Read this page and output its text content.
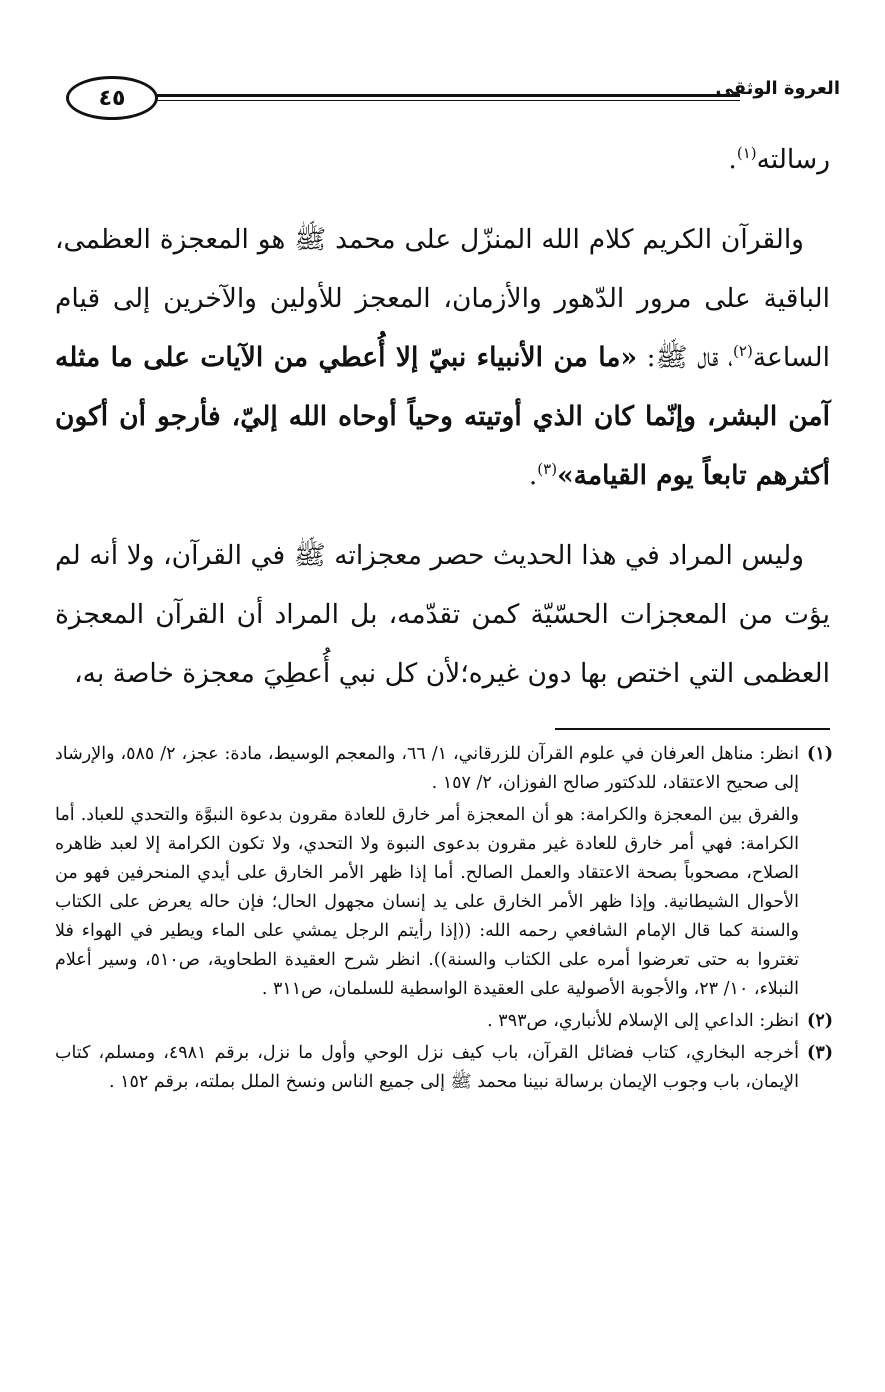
العروة الوثقى
٤٥

رسالته$^{(١)}$.

والقرآن الكريم كلام الله المنزّل على محمد ﷺ هو المعجزة العظمى، الباقية على مرور الدّهور والأزمان، المعجز للأولين والآخرين إلى قيام الساعة$^{(٢)}$، قال ﷺ: «ما من الأنبياء نبيّ إلا أُعطي من الآيات على ما مثله آمن البشر، وإنّما كان الذي أوتيته وحياً أوحاه الله إليّ، فأرجو أن أكون أكثرهم تابعاً يوم القيامة»$^{(٣)}$.

وليس المراد في هذا الحديث حصر معجزاته ﷺ في القرآن، ولا أنه لم يؤت من المعجزات الحسّيّة كمن تقدّمه، بل المراد أن القرآن المعجزة العظمى التي اختص بها دون غيره؛لأن كل نبي أُعطِيَ معجزة خاصة به،

(١)

انظر: مناهل العرفان في علوم القرآن للزرقاني، ١/ ٦٦، والمعجم الوسيط، مادة: عجز، ٢/ ٥٨٥، والإرشاد إلى صحيح الاعتقاد، للدكتور صالح الفوزان، ٢/ ١٥٧ .

والفرق بين المعجزة والكرامة: هو أن المعجزة أمر خارق للعادة مقرون بدعوة النبوَّة والتحدي للعباد. أما الكرامة: فهي أمر خارق للعادة غير مقرون بدعوى النبوة ولا التحدي، ولا تكون الكرامة إلا لعبد ظاهره الصلاح، مصحوباً بصحة الاعتقاد والعمل الصالح. أما إذا ظهر الأمر الخارق على أيدي المنحرفين فهو من الأحوال الشيطانية. وإذا ظهر الأمر الخارق على يد إنسان مجهول الحال؛ فإن حاله يعرض على الكتاب والسنة كما قال الإمام الشافعي رحمه الله: ((إذا رأيتم الرجل يمشي على الماء ويطير في الهواء فلا تغتروا به حتى تعرضوا أمره على الكتاب والسنة)). انظر شرح العقيدة الطحاوية، ص٥١٠، وسير أعلام النبلاء، ١٠/ ٢٣، والأجوبة الأصولية على العقيدة الواسطية للسلمان، ص٣١١ .

(٢)

انظر: الداعي إلى الإسلام للأنباري، ص٣٩٣ .

(٣)

أخرجه البخاري، كتاب فضائل القرآن، باب كيف نزل الوحي وأول ما نزل، برقم ٤٩٨١، ومسلم، كتاب الإيمان، باب وجوب الإيمان برسالة نبينا محمد ﷺ إلى جميع الناس ونسخ الملل بملته، برقم ١٥٢ .
